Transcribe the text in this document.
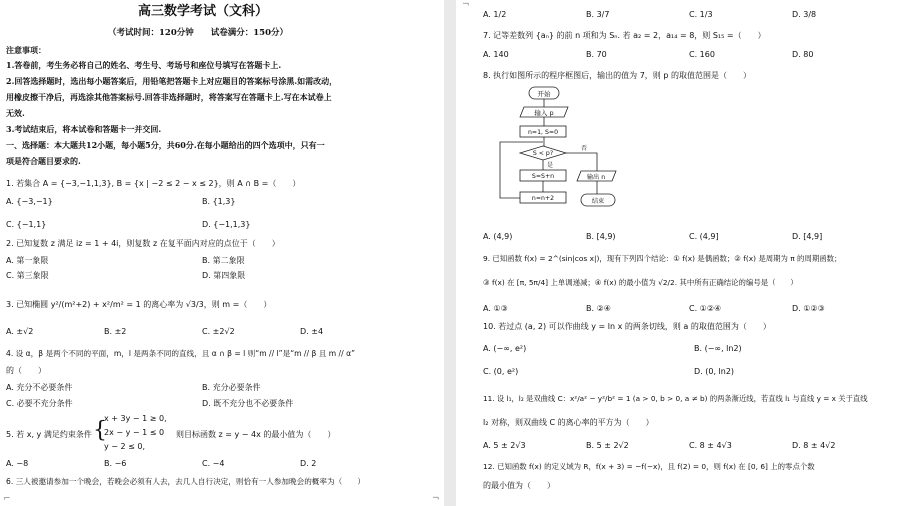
高三数学考试（文科）
（考试时间：120分钟　　试卷满分：150分）
注意事项：
1.答卷前，考生务必将自己的姓名、考生号、考场号和座位号填写在答题卡上.
2.回答选择题时，选出每小题答案后，用铅笔把答题卡上对应题目的答案标号涂黑.如需改动，
用橡皮擦干净后，再选涂其他答案标号.回答非选择题时，将答案写在答题卡上.写在本试卷上
无效.
3.考试结束后，将本试卷和答题卡一并交回.
一、选择题：本大题共12小题，每小题5分，共60分.在每小题给出的四个选项中，只有一
项是符合题目要求的.
1. 若集合 A = {−3,−1,1,3}, B = {x | −2 ≤ 2 − x ≤ 2}，则 A ∩ B =（　　）
A. {−3,−1}	B. {1,3}
C. {−1,1}	D. {−1,1,3}
2. 已知复数 z 满足 iz = 1 + 4i，则复数 z 在复平面内对应的点位于（　　）
A. 第一象限	B. 第二象限
C. 第三象限	D. 第四象限
3. 已知椭圆 y²/(m²+2) + x²/m² = 1 的离心率为 √3/3，则 m =（　　）
A. ±√2	B. ±2	C. ±2√2	D. ±4
4. 设 α，β 是两个不同的平面，m，l 是两条不同的直线，且 α ∩ β = l 则“m // l”是“m // β 且 m // α”
的（　　）
A. 充分不必要条件	B. 充分必要条件
C. 必要不充分条件	D. 既不充分也不必要条件
5. 若 x, y 满足约束条件 {
x + 3y − 1 ≥ 0,
2x − y − 1 ≤ 0
y − 2 ≤ 0,
则目标函数 z = y − 4x 的最小值为（　　）
A. −8	B. −6	C. −4	D. 2
6. 三人被邀请参加一个晚会，若晚会必须有人去，去几人自行决定，则恰有一人参加晚会的概率为（　　）
⌐	¬
A. 1/2	B. 3/7	C. 1/3	D. 3/8
7. 记等差数列 {aₙ} 的前 n 项和为 Sₙ. 若 a₂ = 2，a₁₄ = 8，则 S₁₅ =（　　）
A. 140	B. 70	C. 160	D. 80
8. 执行如图所示的程序框图后，输出的值为 7，则 p 的取值范围是（　　）
开始
输入 p
n=1, S=0
S < p?
是
否
S=S+n
n=n+2
输出 n
结束
A. (4,9)	B. [4,9)	C. (4,9]	D. [4,9]
9. 已知函数 f(x) = 2^(sin|cos x|)，现有下列四个结论：① f(x) 是偶函数；② f(x) 是周期为 π 的周期函数；
③ f(x) 在 [π, 5π/4] 上单调递减；④ f(x) 的最小值为 √2/2. 其中所有正确结论的编号是（　　）
A. ①③	B. ②④	C. ①②④	D. ①②③
10. 若过点 (a, 2) 可以作曲线 y = ln x 的两条切线，则 a 的取值范围为（　　）
A. (−∞, e²)	B. (−∞, ln2)
C. (0, e²)	D. (0, ln2)
11. 设 l₁，l₂ 是双曲线 C：x²/a² − y²/b² = 1 (a > 0, b > 0, a ≠ b) 的两条渐近线，若直线 l₁ 与直线 y = x 关于直线
l₂ 对称，则双曲线 C 的离心率的平方为（　　）
A. 5 ± 2√3	B. 5 ± 2√2	C. 8 ± 4√3	D. 8 ± 4√2
12. 已知函数 f(x) 的定义域为 R，f(x + 3) = −f(−x)，且 f(2) = 0，则 f(x) 在 [0, 6] 上的零点个数
的最小值为（　　）
¬
